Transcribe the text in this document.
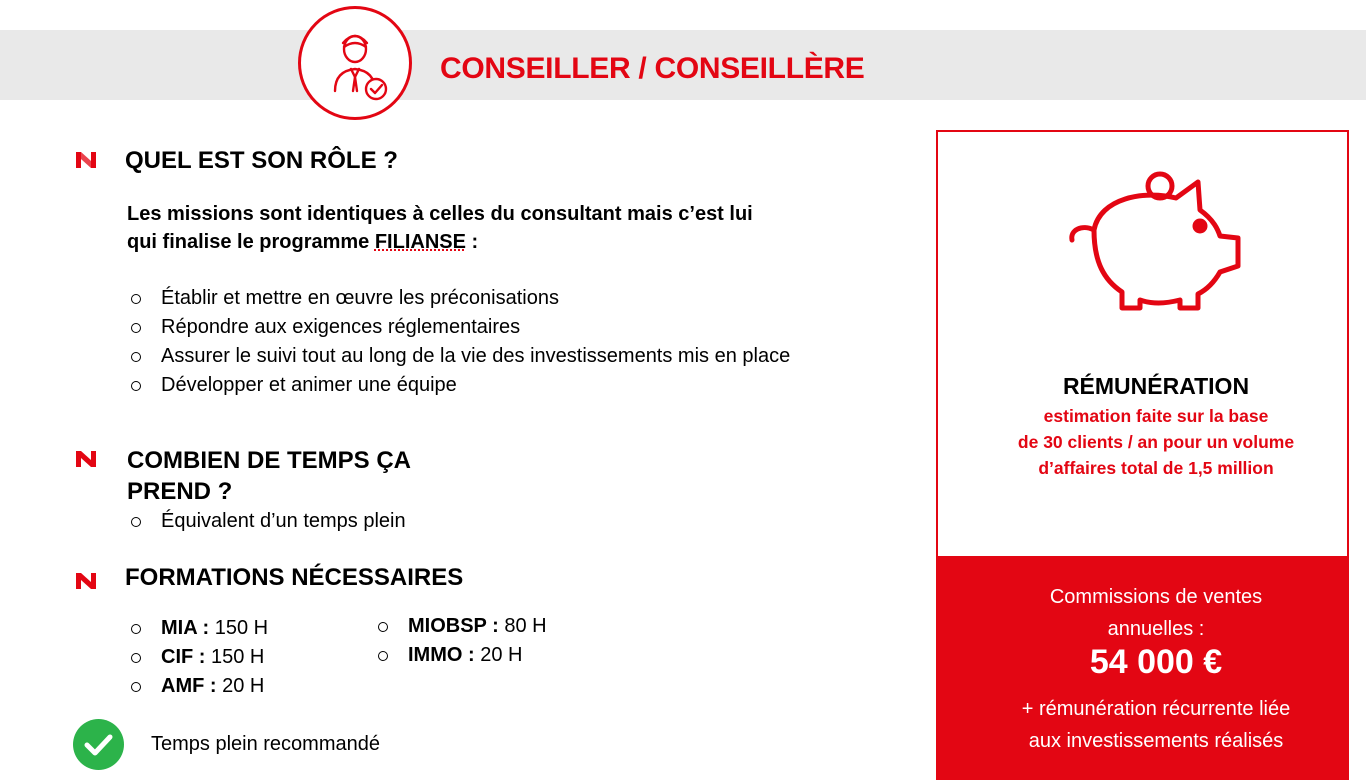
CONSEILLER / CONSEILLÈRE
QUEL EST SON RÔLE ?
Les missions sont identiques à celles du consultant mais c’est lui
qui finalise le programme FILIANSE :
Établir et mettre en œuvre les préconisations
Répondre aux exigences réglementaires
Assurer le suivi tout au long de la vie des investissements mis en place
Développer et animer une équipe
COMBIEN DE TEMPS ÇA
PREND ?
Équivalent d’un temps plein
FORMATIONS NÉCESSAIRES
MIA : 150 H
CIF : 150 H
AMF : 20 H
MIOBSP : 80 H
IMMO : 20 H
Temps plein recommandé
RÉMUNÉRATION
estimation faite sur la base
de 30 clients / an pour un volume
d’affaires total de 1,5 million
Commissions de ventes
annuelles :
54 000 €
+ rémunération récurrente liée
aux investissements réalisés
